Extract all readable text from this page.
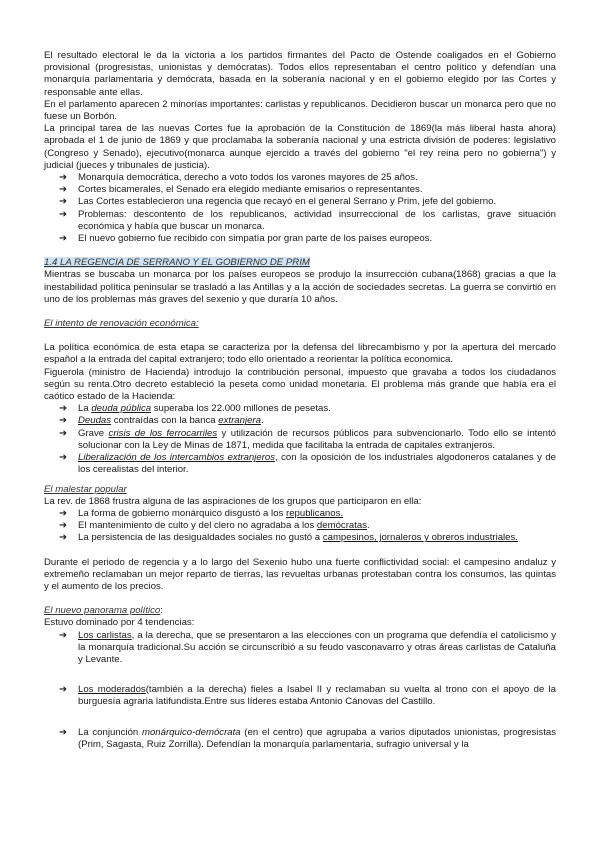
El resultado electoral le da la victoria a los partidos firmantes del Pacto de Ostende coaligados en el Gobierno provisional (progresistas, unionistas y demócratas). Todos ellos representaban el centro político y defendían una monarquía parlamentaria y demócrata, basada en la soberanía nacional y en el gobierno elegido por las Cortes y responsable ante ellas.

En el parlamento aparecen 2 minorías importantes: carlistas y republicanos. Decidieron buscar un monarca pero que no fuese un Borbón.

La principal tarea de las nuevas Cortes fue la aprobación de la Constitución de 1869(la más liberal hasta ahora) aprobada el 1 de junio de 1869 y que proclamaba la soberanía nacional y una estricta división de poderes: legislativo (Congreso y Senado), ejecutivo(monarca aunque ejercido a través del gobierno "el rey reina pero no gobierna") y judicial (jueces y tribunales de justicia).

➔ Monarquía democrática, derecho a voto todos los varones mayores de 25 años.
➔ Cortes bicamerales, el Senado era elegido mediante emisarios o representantes.
➔ Las Cortes establecieron una regencia que recayó en el general Serrano y Prim, jefe del gobierno.
➔ Problemas: descontento de los republicanos, actividad insurreccional de los carlistas, grave situación económica y había que buscar un monarca.
➔ El nuevo gobierno fue recibido con simpatía por gran parte de los países europeos.

1.4 LA REGENCIA DE SERRANO Y EL GOBIERNO DE PRIM

Mientras se buscaba un monarca por los países europeos se produjo la insurrección cubana(1868) gracias a que la inestabilidad política peninsular se trasladó a las Antillas y a la acción de sociedades secretas. La guerra se convirtió en uno de los problemas más graves del sexenio y que duraría 10 años.

El intento de renovación económica:

La política económica de esta etapa se caracteriza por la defensa del librecambismo y por la apertura del mercado español a la entrada del capital extranjero; todo ello orientado a reorientar la política economica.

Figuerola (ministro de Hacienda) introdujo la contribución personal, impuesto que gravaba a todos los ciudadanos según su renta.Otro decreto estableció la peseta como unidad monetaria. El problema más grande que había era el caótico estado de la Hacienda:

➔ La deuda pública superaba los 22.000 millones de pesetas.
➔ Deudas contraídas con la banca extranjera.
➔ Grave crisis de los ferrocarriles y utilización de recursos públicos para subvencionarlo. Todo ello se intentó solucionar con la Ley de Minas de 1871, medida que facilitaba la entrada de capitales extranjeros.
➔ Liberalización de los intercambios extranjeros, con la oposición de los industriales algodoneros catalanes y de los cerealistas del interior.

El malestar popular

La rev. de 1868 frustra alguna de las aspiraciones de los grupos que participaron en ella:

➔ La forma de gobierno monárquico disgustó a los republicanos.
➔ El mantenimiento de culto y del clero no agradaba a los demócratas.
➔ La persistencia de las desigualdades sociales no gustó a campesinos, jornaleros y obreros industriales.

Durante el periodo de regencia y a lo largo del Sexenio hubo una fuerte conflictividad social: el campesino andaluz y extremeño reclamaban un mejor reparto de tierras, las revueltas urbanas protestaban contra los consumos, las quintas y el aumento de los precios.

El nuevo panorama político:

Estuvo dominado por 4 tendencias:

➔ Los carlistas, a la derecha, que se presentaron a las elecciones con un programa que defendía el catolicismo y la monarquía tradicional.Su acción se circunscribió a su feudo vasconavarro y otras áreas carlistas de Cataluña y Levante.
➔ Los moderados(también a la derecha) fieles a Isabel II y reclamaban su vuelta al trono con el apoyo de la burguesía agraria latifundista.Entre sus líderes estaba Antonio Cánovas del Castillo.
➔ La conjunción monárquico-demócrata (en el centro) que agrupaba a varios diputados unionistas, progresistas (Prim, Sagasta, Ruiz Zorrilla). Defendían la monarquía parlamentaria, sufragio universal y la
